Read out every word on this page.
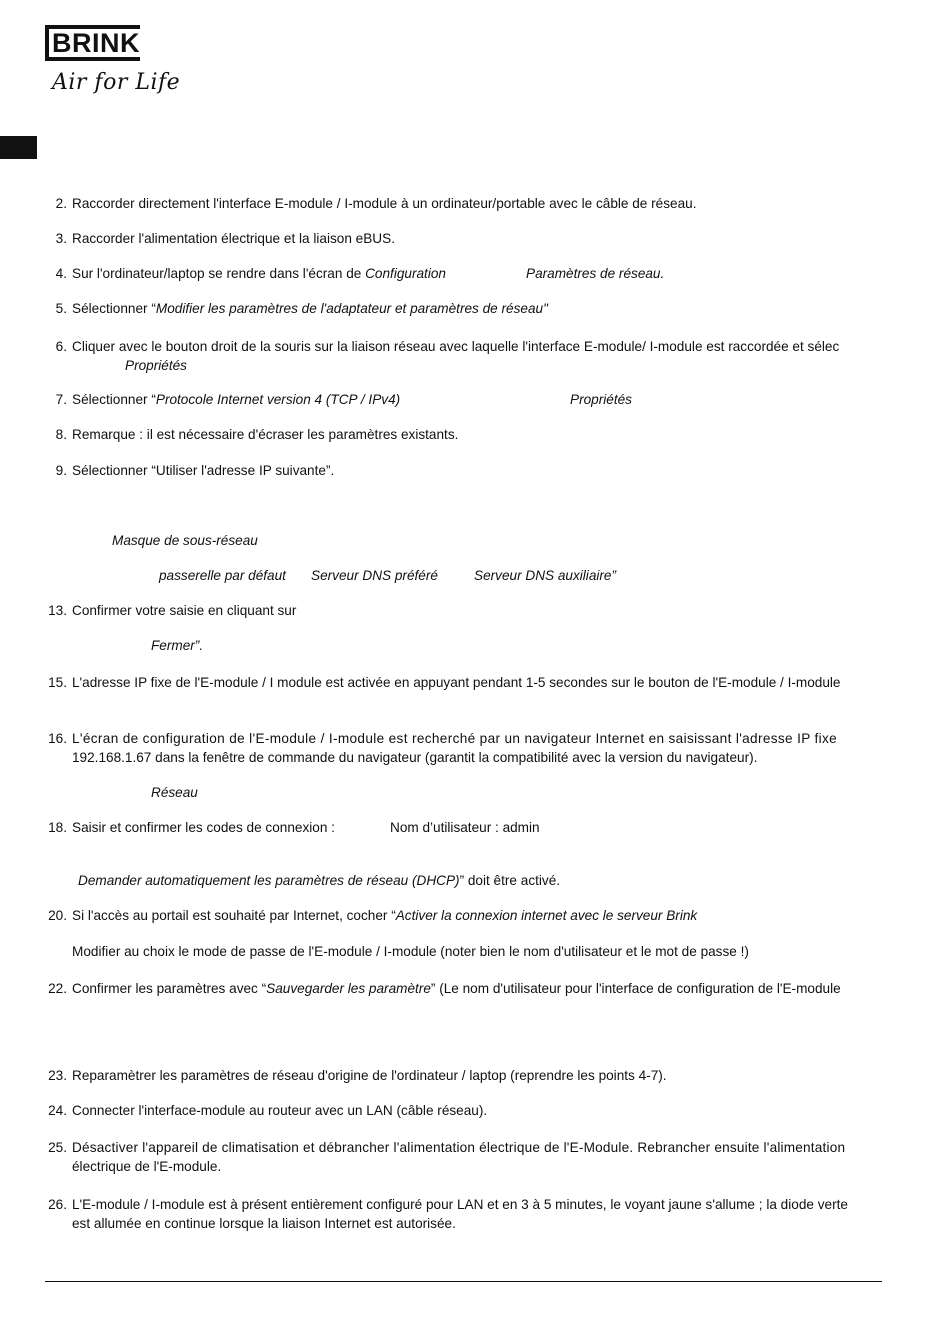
BRINK
Air for Life
2. Raccorder directement l'interface E-module / I-module à un ordinateur/portable avec le câble de réseau.
3. Raccorder l'alimentation électrique et la liaison eBUS.
4. Sur l'ordinateur/laptop se rendre dans l'écran de Configuration	Paramètres de réseau.
5. Sélectionner “Modifier les paramètres de l'adaptateur et paramètres de réseau"
6. Cliquer avec le bouton droit de la souris sur la liaison réseau avec laquelle l'interface E-module/ I-module est raccordée et sélec
Propriétés
7. Sélectionner “Protocole Internet version 4 (TCP / IPv4)	Propriétés
8. Remarque : il est nécessaire d'écraser les paramètres existants.
9. Sélectionner “Utiliser l'adresse IP suivante”.
Masque de sous-réseau
passerelle par défaut Serveur DNS préféré	Serveur DNS auxiliaire”
13. Confirmer votre saisie en cliquant sur
Fermer”.
15. L'adresse IP fixe de l'E-module / I module est activée en appuyant pendant 1-5 secondes sur le bouton de l'E-module / I-module
16. L'écran de configuration de l'E-module / I-module est recherché par un navigateur Internet en saisissant l'adresse IP fixe
192.168.1.67 dans la fenêtre de commande du navigateur (garantit la compatibilité avec la version du navigateur).
Réseau
18. Saisir et confirmer les codes de connexion :	Nom d’utilisateur : admin
Demander automatiquement les paramètres de réseau (DHCP)” doit être activé.
20. Si l'accès au portail est souhaité par Internet, cocher “Activer la connexion internet avec le serveur Brink
Modifier au choix le mode de passe de l'E-module / I-module (noter bien le nom d'utilisateur et le mot de passe !)
22. Confirmer les paramètres avec “Sauvegarder les paramètre” (Le nom d'utilisateur pour l'interface de configuration de l'E-module
23. Reparamètrer les paramètres de réseau d'origine de l'ordinateur / laptop (reprendre les points 4-7).
24. Connecter l'interface-module au routeur avec un LAN (câble réseau).
25. Désactiver l'appareil de climatisation et débrancher l'alimentation électrique de l'E-Module. Rebrancher ensuite l'alimentation
électrique de l'E-module.
26. L'E-module / I-module est à présent entièrement configuré pour LAN et en 3 à 5 minutes, le voyant jaune s'allume ; la diode verte
est allumée en continue lorsque la liaison Internet est autorisée.
